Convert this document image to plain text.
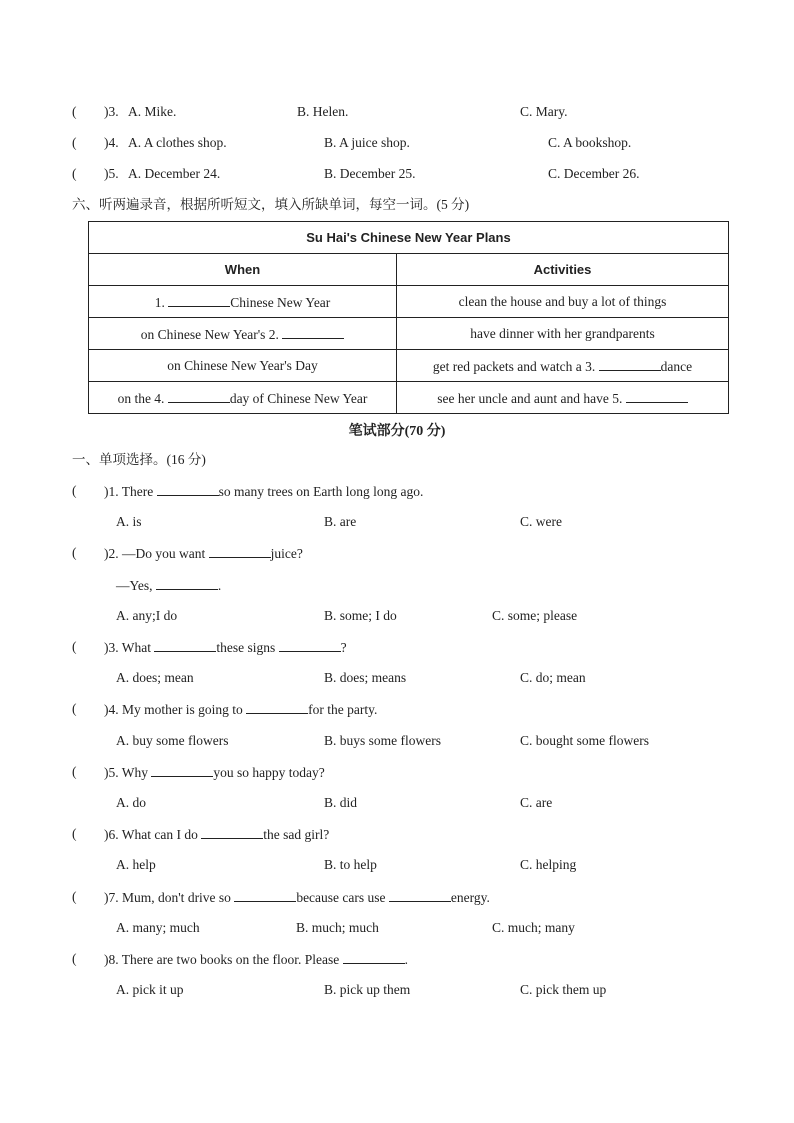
( )3. A. Mike.	B. Helen.	C. Mary.
( )4. A. A clothes shop.	B. A juice shop.	C. A bookshop.
( )5. A. December 24.	B. December 25.	C. December 26.
六、听两遍录音，根据所听短文，填入所缺单词，每空一词。(5 分)
Su Hai's Chinese New Year Plans	
When	Activities
1. Chinese New Year	clean the house and buy a lot of things
on Chinese New Year's 2.	have dinner with her grandparents
on Chinese New Year's Day	get red packets and watch a 3. dance
on the 4. day of Chinese New Year	see her uncle and aunt and have 5.
笔试部分(70 分)
一、单项选择。(16 分)
( )1. There	so many trees on Earth long long ago.
A. is	B. are	C. were
( )2. —Do you want	juice?
—Yes,	.
A. any;I do	B. some; I do	C. some; please
( )3. What	these signs	?
A. does; mean	B. does; means	C. do; mean
( )4. My mother is going to	for the party.
A. buy some flowers	B. buys some flowers	C. bought some flowers
( )5. Why	you so happy today?
A. do	B. did	C. are
( )6. What can I do	the sad girl?
A. help	B. to help	C. helping
( )7. Mum, don't drive so	because cars use	energy.
A. many; much	B. much; much	C. much; many
( )8. There are two books on the floor. Please	.
A. pick it up	B. pick up them	C. pick them up
